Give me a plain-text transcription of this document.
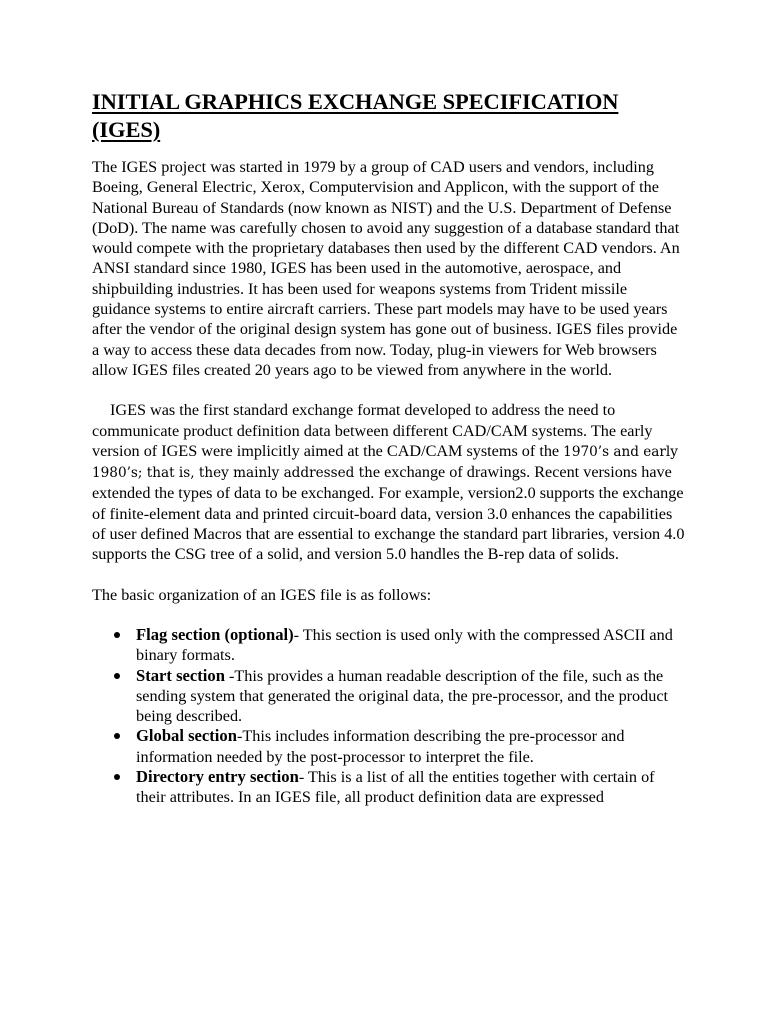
INITIAL GRAPHICS EXCHANGE SPECIFICATION
(IGES)

The IGES project was started in 1979 by a group of CAD users and vendors, including Boeing, General Electric, Xerox, Computervision and Applicon, with the support of the National Bureau of Standards (now known as NIST) and the U.S. Department of Defense (DoD). The name was carefully chosen to avoid any suggestion of a database standard that would compete with the proprietary databases then used by the different CAD vendors. An ANSI standard since 1980, IGES has been used in the automotive, aerospace, and shipbuilding industries. It has been used for weapons systems from Trident missile guidance systems to entire aircraft carriers. These part models may have to be used years after the vendor of the original design system has gone out of business. IGES files provide a way to access these data decades from now. Today, plug-in viewers for Web browsers allow IGES files created 20 years ago to be viewed from anywhere in the world.

IGES was the first standard exchange format developed to address the need to communicate product definition data between different CAD/CAM systems. The early version of IGES were implicitly aimed at the CAD/CAM systems of the 1970’s and early 1980’s; that is, they mainly addressed the exchange of drawings. Recent versions have extended the types of data to be exchanged. For example, version2.0 supports the exchange of finite-element data and printed circuit-board data, version 3.0 enhances the capabilities of user defined Macros that are essential to exchange the standard part libraries, version 4.0 supports the CSG tree of a solid, and version 5.0 handles the B-rep data of solids.

The basic organization of an IGES file is as follows:

Flag section (optional)- This section is used only with the compressed ASCII and binary formats.
Start section -This provides a human readable description of the file, such as the sending system that generated the original data, the pre-processor, and the product being described.
Global section-This includes information describing the pre-processor and information needed by the post-processor to interpret the file.
Directory entry section- This is a list of all the entities together with certain of their attributes. In an IGES file, all product definition data are expressed
